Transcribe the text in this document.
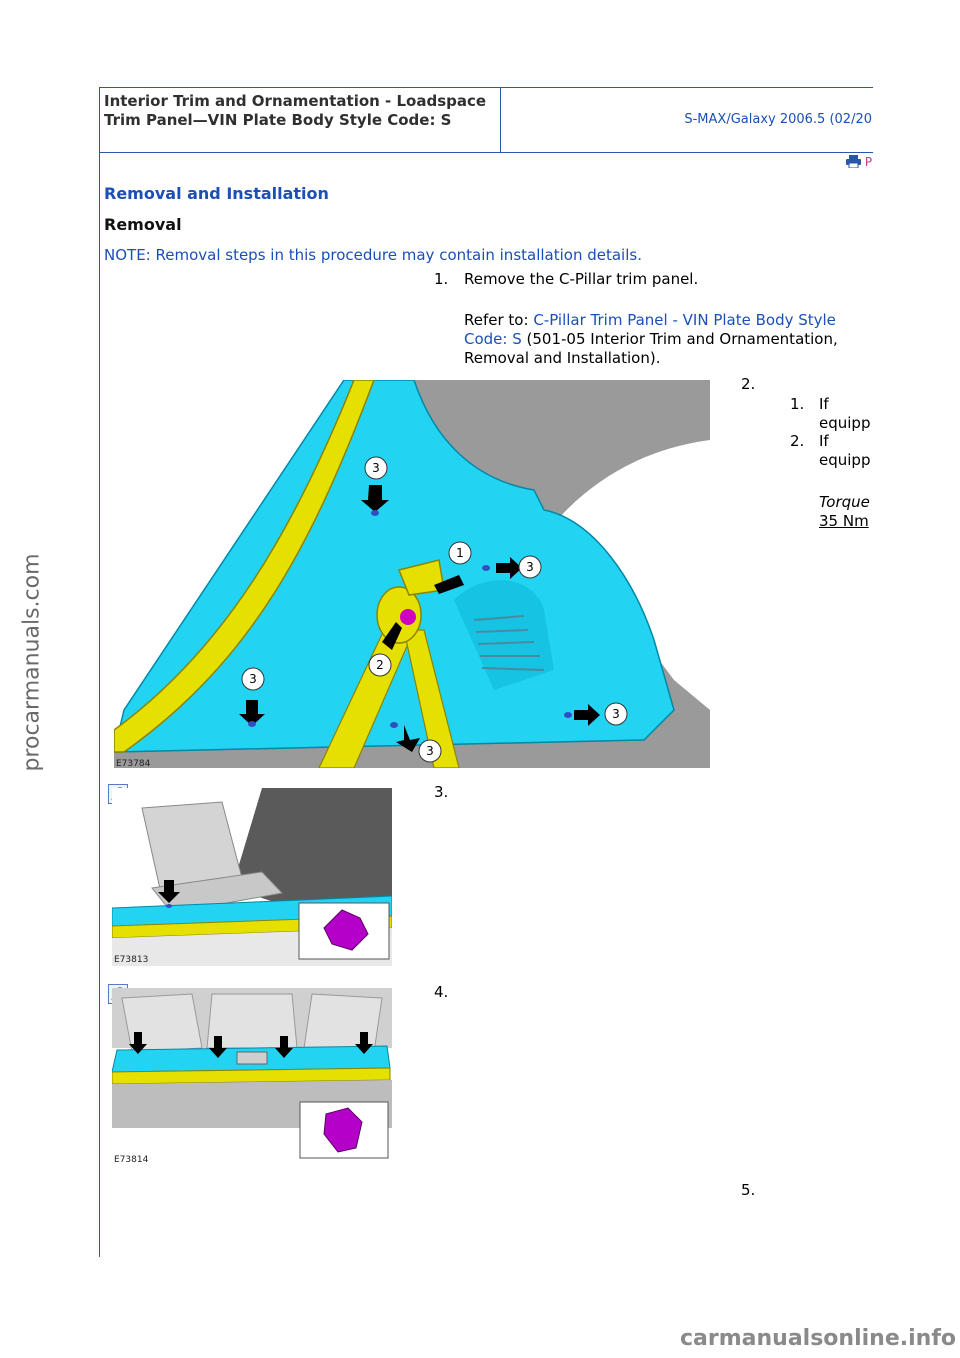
Interior Trim and Ornamentation - Loadspace Trim Panel—VIN Plate Body Style Code: S	S-MAX/Galaxy 2006.5 (02/20
P
Removal and Installation
Removal
NOTE: Removal steps in this procedure may contain installation details.
1. Remove the C-Pillar trim panel.
Refer to: C-Pillar Trim Panel - VIN Plate Body Style Code: S (501-05 Interior Trim and Ornamentation, Removal and Installation).
3
1
3
2
3
3
3
E73784
2.
1. If equipp
2. If equipp
Torque
35 Nm
E73813
3.
E73814
4.
5.
procarmanuals.com
carmanualsonline.info
